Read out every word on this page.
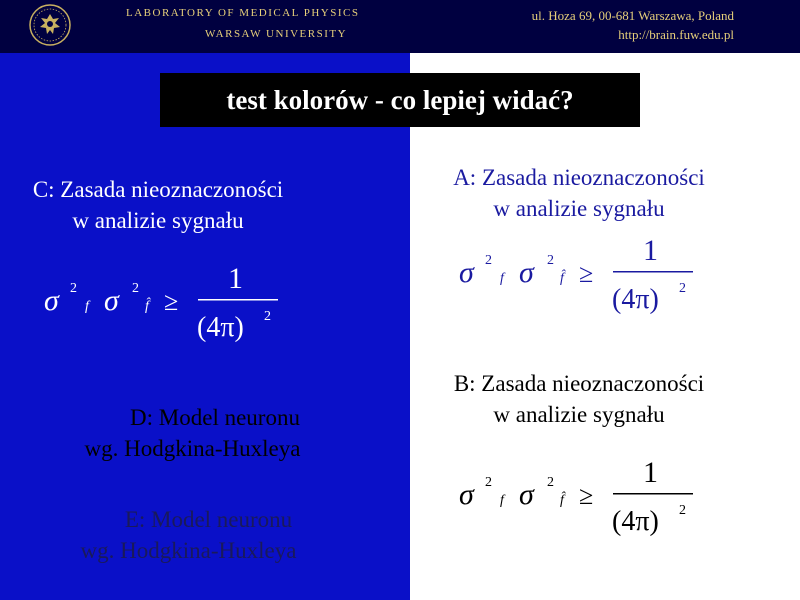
LABORATORY OF MEDICAL PHYSICS
WARSAW UNIVERSITY
ul. Hoza 69, 00-681 Warszawa, Poland
http://brain.fuw.edu.pl
test kolorów - co lepiej widać?
C: Zasada nieoznaczoności
w analizie sygnału
σ 2
f σ 2
f̂ ≥
1
(4π) 2
D: Model neuronu
wg. Hodgkina-Huxleya
E: Model neuronu
wg. Hodgkina-Huxleya
A: Zasada nieoznaczoności
w analizie sygnału
σ 2
f σ 2
f̂ ≥
1
(4π) 2
B: Zasada nieoznaczoności
w analizie sygnału
σ 2
f σ 2
f̂ ≥
1
(4π) 2
